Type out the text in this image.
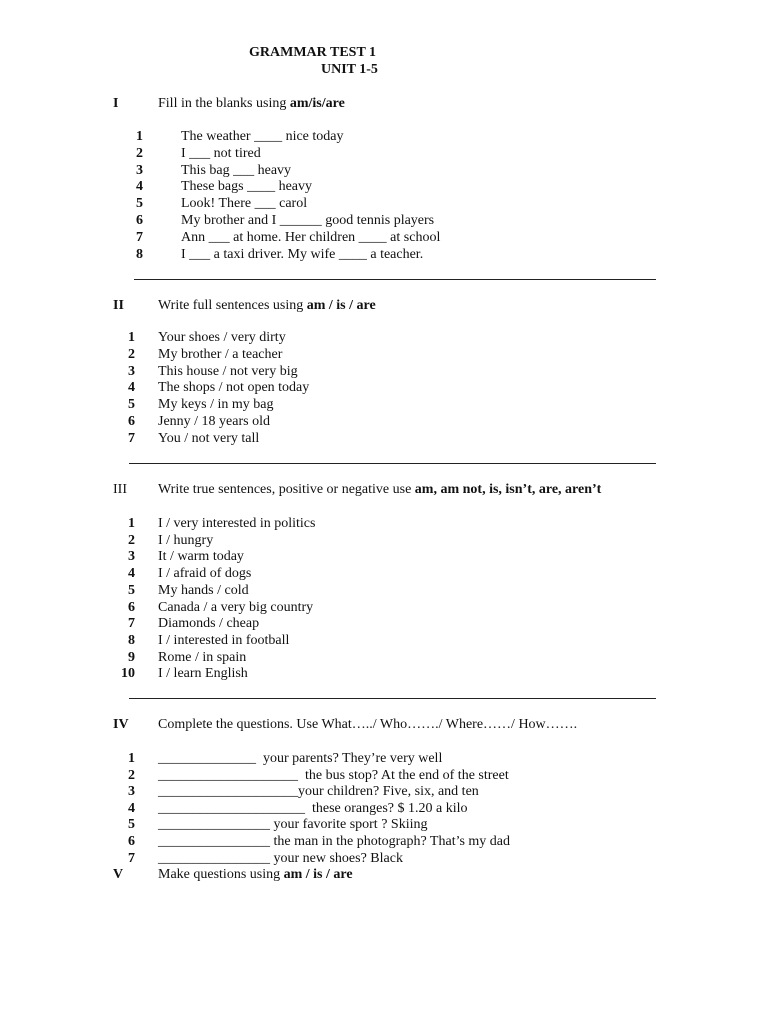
GRAMMAR TEST 1
UNIT 1-5
I	Fill in the blanks using am/is/are
1	The weather ____ nice today
2	I ___ not tired
3	This bag ___ heavy
4	These bags ____ heavy
5	Look! There ___ carol
6	My brother and I ______ good tennis players
7	Ann ___ at home. Her children ____ at school
8	I ___ a taxi driver. My wife ____ a teacher.
II Write full sentences using am / is / are
1 Your shoes / very dirty
2 My brother / a teacher
3 This house / not very big
4 The shops / not open today
5 My keys / in my bag
6 Jenny / 18 years old
7 You / not very tall
III Write true sentences, positive or negative use am, am not, is, isn’t, are, aren’t
1 I / very interested in politics
2 I / hungry
3 It / warm today
4 I / afraid of dogs
5 My hands / cold
6 Canada / a very big country
7 Diamonds / cheap
8 I / interested in football
9 Rome / in spain
10 I / learn English
IV Complete the questions. Use What…../ Who……./ Where……/ How…….
1 ______________  your parents? They’re very well
2 ____________________  the bus stop? At the end of the street
3 ____________________your children? Five, six, and ten
4 _____________________  these oranges? $ 1.20 a kilo
5 ________________ your favorite sport ? Skiing
6 ________________ the man in the photograph? That’s my dad
7 ________________ your new shoes? Black
V Make questions using am / is / are
